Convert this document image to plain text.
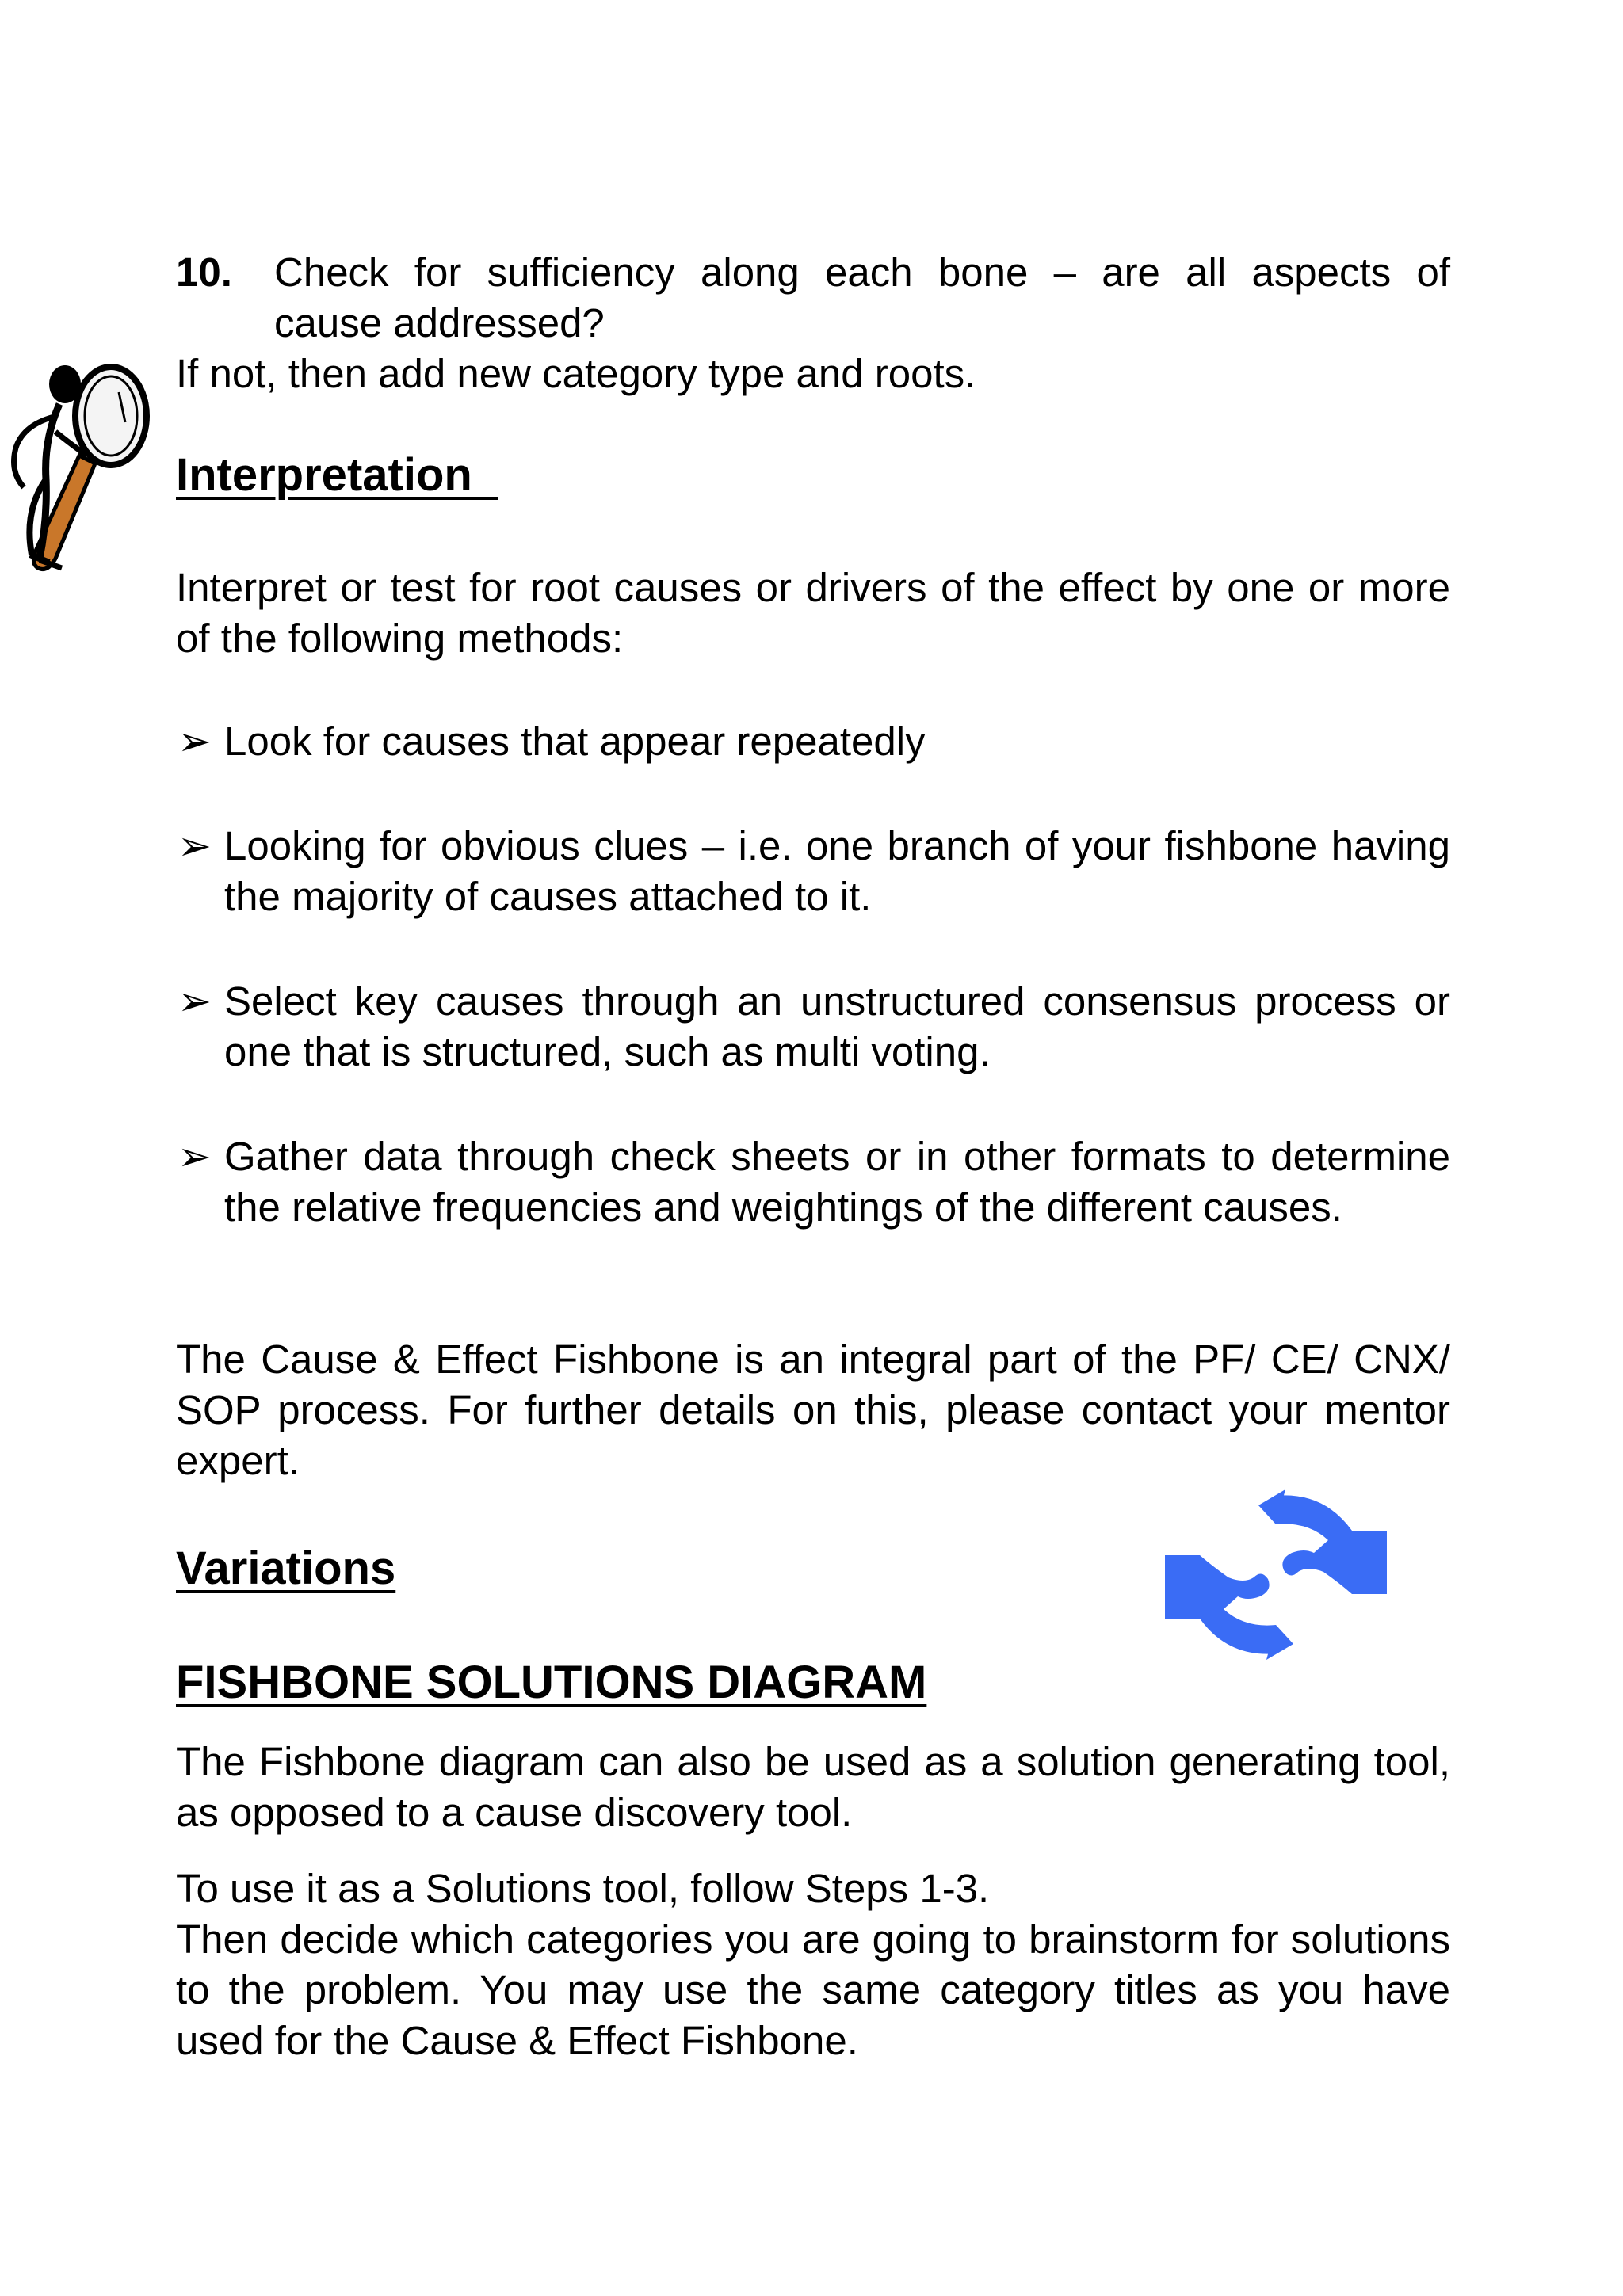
10. Check for sufficiency along each bone – are all aspects of
cause addressed?
If not, then add new category type and roots.
Interpretation
Interpret or test for root causes or drivers of the effect by one or more of the following methods:
➢ Look for causes that appear repeatedly
➢ Looking for obvious clues – i.e. one branch of your fishbone having the majority of causes attached to it.
➢ Select key causes through an unstructured consensus process or one that is structured, such as multi voting.
➢ Gather data through check sheets or in other formats to determine the relative frequencies and weightings of the different causes.
The Cause & Effect Fishbone is an integral part of the PF/ CE/ CNX/ SOP process. For further details on this, please contact your mentor expert.
Variations
FISHBONE SOLUTIONS DIAGRAM
The Fishbone diagram can also be used as a solution generating tool, as opposed to a cause discovery tool.
To use it as a Solutions tool, follow Steps 1-3.
Then decide which categories you are going to brainstorm for solutions to the problem. You may use the same category titles as you have used for the Cause & Effect Fishbone.
